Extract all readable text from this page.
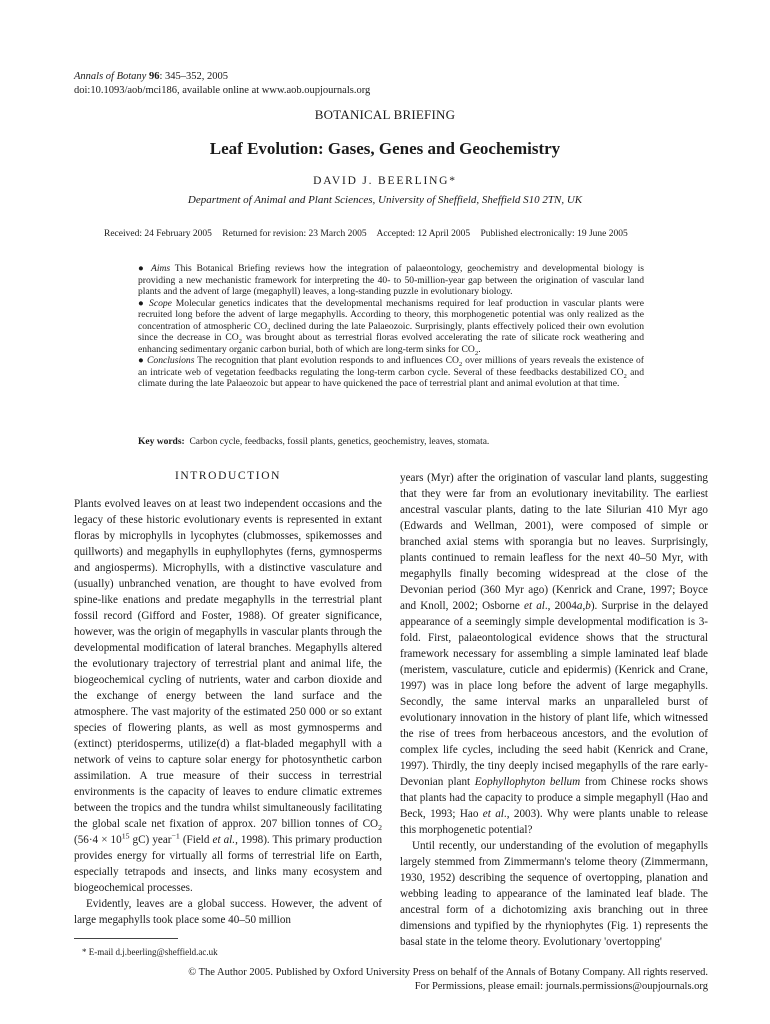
Annals of Botany 96: 345–352, 2005
doi:10.1093/aob/mci186, available online at www.aob.oupjournals.org
BOTANICAL BRIEFING
Leaf Evolution: Gases, Genes and Geochemistry
DAVID J. BEERLING*
Department of Animal and Plant Sciences, University of Sheffield, Sheffield S10 2TN, UK
Received: 24 February 2005 Returned for revision: 23 March 2005 Accepted: 12 April 2005 Published electronically: 19 June 2005

● Aims This Botanical Briefing reviews how the integration of palaeontology, geochemistry and developmental biology is providing a new mechanistic framework for interpreting the 40- to 50-million-year gap between the origination of vascular land plants and the advent of large (megaphyll) leaves, a long-standing puzzle in evolutionary biology.

● Scope Molecular genetics indicates that the developmental mechanisms required for leaf production in vascular plants were recruited long before the advent of large megaphylls. According to theory, this morphogenetic potential was only realized as the concentration of atmospheric $CO_2$ declined during the late Palaeozoic. Surprisingly, plants effectively policed their own evolution since the decrease in $CO_2$ was brought about as terrestrial floras evolved accelerating the rate of silicate rock weathering and enhancing sedimentary organic carbon burial, both of which are long-term sinks for $CO_2$.

● Conclusions The recognition that plant evolution responds to and influences $CO_2$ over millions of years reveals the existence of an intricate web of vegetation feedbacks regulating the long-term carbon cycle. Several of these feedbacks destabilized $CO_2$ and climate during the late Palaeozoic but appear to have quickened the pace of terrestrial plant and animal evolution at that time.

Key words: Carbon cycle, feedbacks, fossil plants, genetics, geochemistry, leaves, stomata.
INTRODUCTION

Plants evolved leaves on at least two independent occasions and the legacy of these historic evolutionary events is represented in extant floras by microphylls in lycophytes (clubmosses, spikemosses and quillworts) and megaphylls in euphyllophytes (ferns, gymnosperms and angiosperms). Microphylls, with a distinctive vasculature and (usually) unbranched venation, are thought to have evolved from spine-like enations and predate megaphylls in the terrestrial plant fossil record (Gifford and Foster, 1988). Of greater significance, however, was the origin of megaphylls in vascular plants through the developmental modification of lateral branches. Megaphylls altered the evolutionary trajectory of terrestrial plant and animal life, the biogeochemical cycling of nutrients, water and carbon dioxide and the exchange of energy between the land surface and the atmosphere. The vast majority of the estimated 250 000 or so extant species of flowering plants, as well as most gymnosperms and (extinct) pteridosperms, utilize(d) a flat-bladed megaphyll with a network of veins to capture solar energy for photosynthetic carbon assimilation. A true measure of their success in terrestrial environments is the capacity of leaves to endure climatic extremes between the tropics and the tundra whilst simultaneously facilitating the global scale net fixation of approx. 207 billion tonnes of $CO_2$ ($56\cdot 4 \times 10^{15}$ gC) year$^{-1}$ (Field et al., 1998). This primary production provides energy for virtually all forms of terrestrial life on Earth, especially tetrapods and insects, and links many ecosystem and biogeochemical processes.

Evidently, leaves are a global success. However, the advent of large megaphylls took place some 40–50 million

years (Myr) after the origination of vascular land plants, suggesting that they were far from an evolutionary inevitability. The earliest ancestral vascular plants, dating to the late Silurian 410 Myr ago (Edwards and Wellman, 2001), were composed of simple or branched axial stems with sporangia but no leaves. Surprisingly, plants continued to remain leafless for the next 40–50 Myr, with megaphylls finally becoming widespread at the close of the Devonian period (360 Myr ago) (Kenrick and Crane, 1997; Boyce and Knoll, 2002; Osborne et al., 2004a,b). Surprise in the delayed appearance of a seemingly simple developmental modification is 3-fold. First, palaeontological evidence shows that the structural framework necessary for assembling a simple laminated leaf blade (meristem, vasculature, cuticle and epidermis) (Kenrick and Crane, 1997) was in place long before the advent of large megaphylls. Secondly, the same interval marks an unparalleled burst of evolutionary innovation in the history of plant life, which witnessed the rise of trees from herbaceous ancestors, and the evolution of complex life cycles, including the seed habit (Kenrick and Crane, 1997). Thirdly, the tiny deeply incised megaphylls of the rare early-Devonian plant Eophyllophyton bellum from Chinese rocks shows that plants had the capacity to produce a simple megaphyll (Hao and Beck, 1993; Hao et al., 2003). Why were plants unable to release this morphogenetic potential?

Until recently, our understanding of the evolution of megaphylls largely stemmed from Zimmermann's telome theory (Zimmermann, 1930, 1952) describing the sequence of overtopping, planation and webbing leading to appearance of the laminated leaf blade. The ancestral form of a dichotomizing axis branching out in three dimensions and typified by the rhyniophytes (Fig. 1) represents the basal state in the telome theory. Evolutionary 'overtopping'

* E-mail d.j.beerling@sheffield.ac.uk
© The Author 2005. Published by Oxford University Press on behalf of the Annals of Botany Company. All rights reserved.
For Permissions, please email: journals.permissions@oupjournals.org
